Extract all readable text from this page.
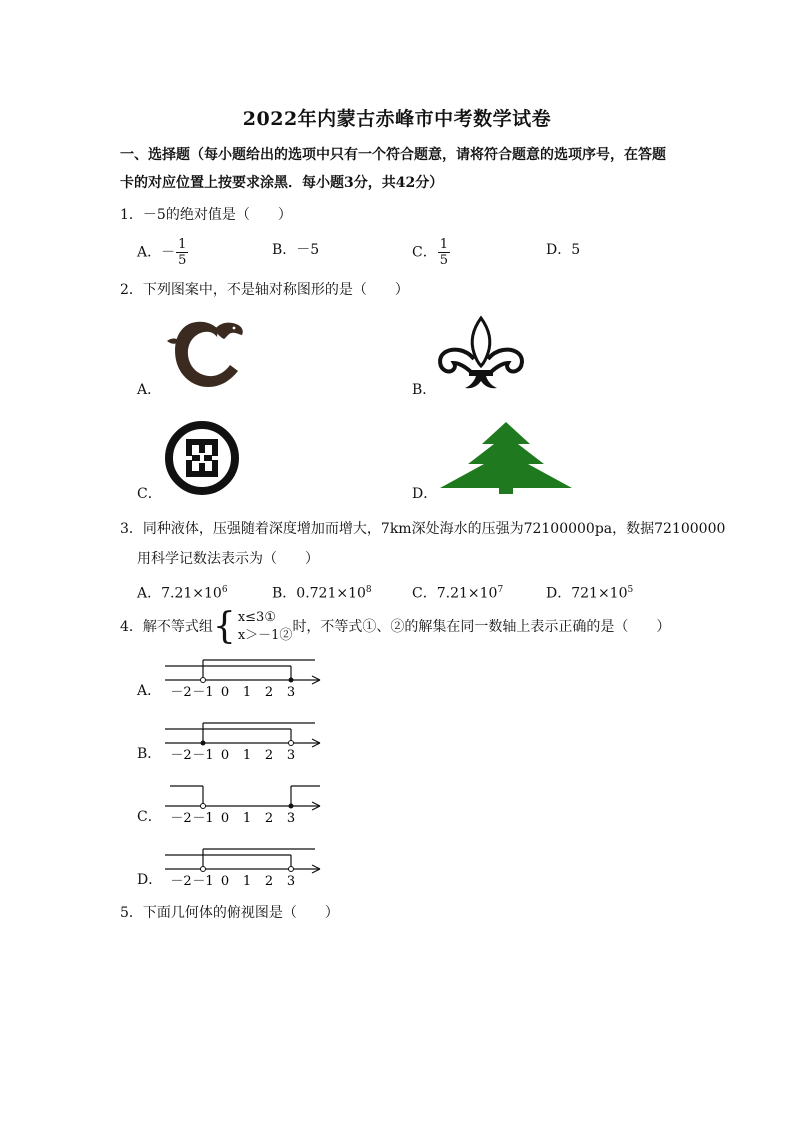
2022年内蒙古赤峰市中考数学试卷
一、选择题（每小题给出的选项中只有一个符合题意，请将符合题意的选项序号，在答题
卡的对应位置上按要求涂黑．每小题3分，共42分）
1．－5的绝对值是（　　）
A．－ $\frac{1}{5}$	B．－5	C． $\frac{1}{5}$	D．5
2．下列图案中，不是轴对称图形的是（　　）
A．	B．
C．	D．
3．同种液体，压强随着深度增加而增大，7km深处海水的压强为72100000pa，数据72100000
用科学记数法表示为（　　）
A．$7.21\times 10^6$	B．$0.721\times 10^8$	C．$7.21\times 10^7$	D．$721\times 10^5$
4．解不等式组 { x≤3①
x＞－1②
时，不等式①、②的解集在同一数轴上表示正确的是（　　）
A． －2 －1 0 1 2 3
B． －2 －1 0 1 2 3
C． －2 －1 0 1 2 3
D． －2 －1 0 1 2 3
5．下面几何体的俯视图是（　　）
